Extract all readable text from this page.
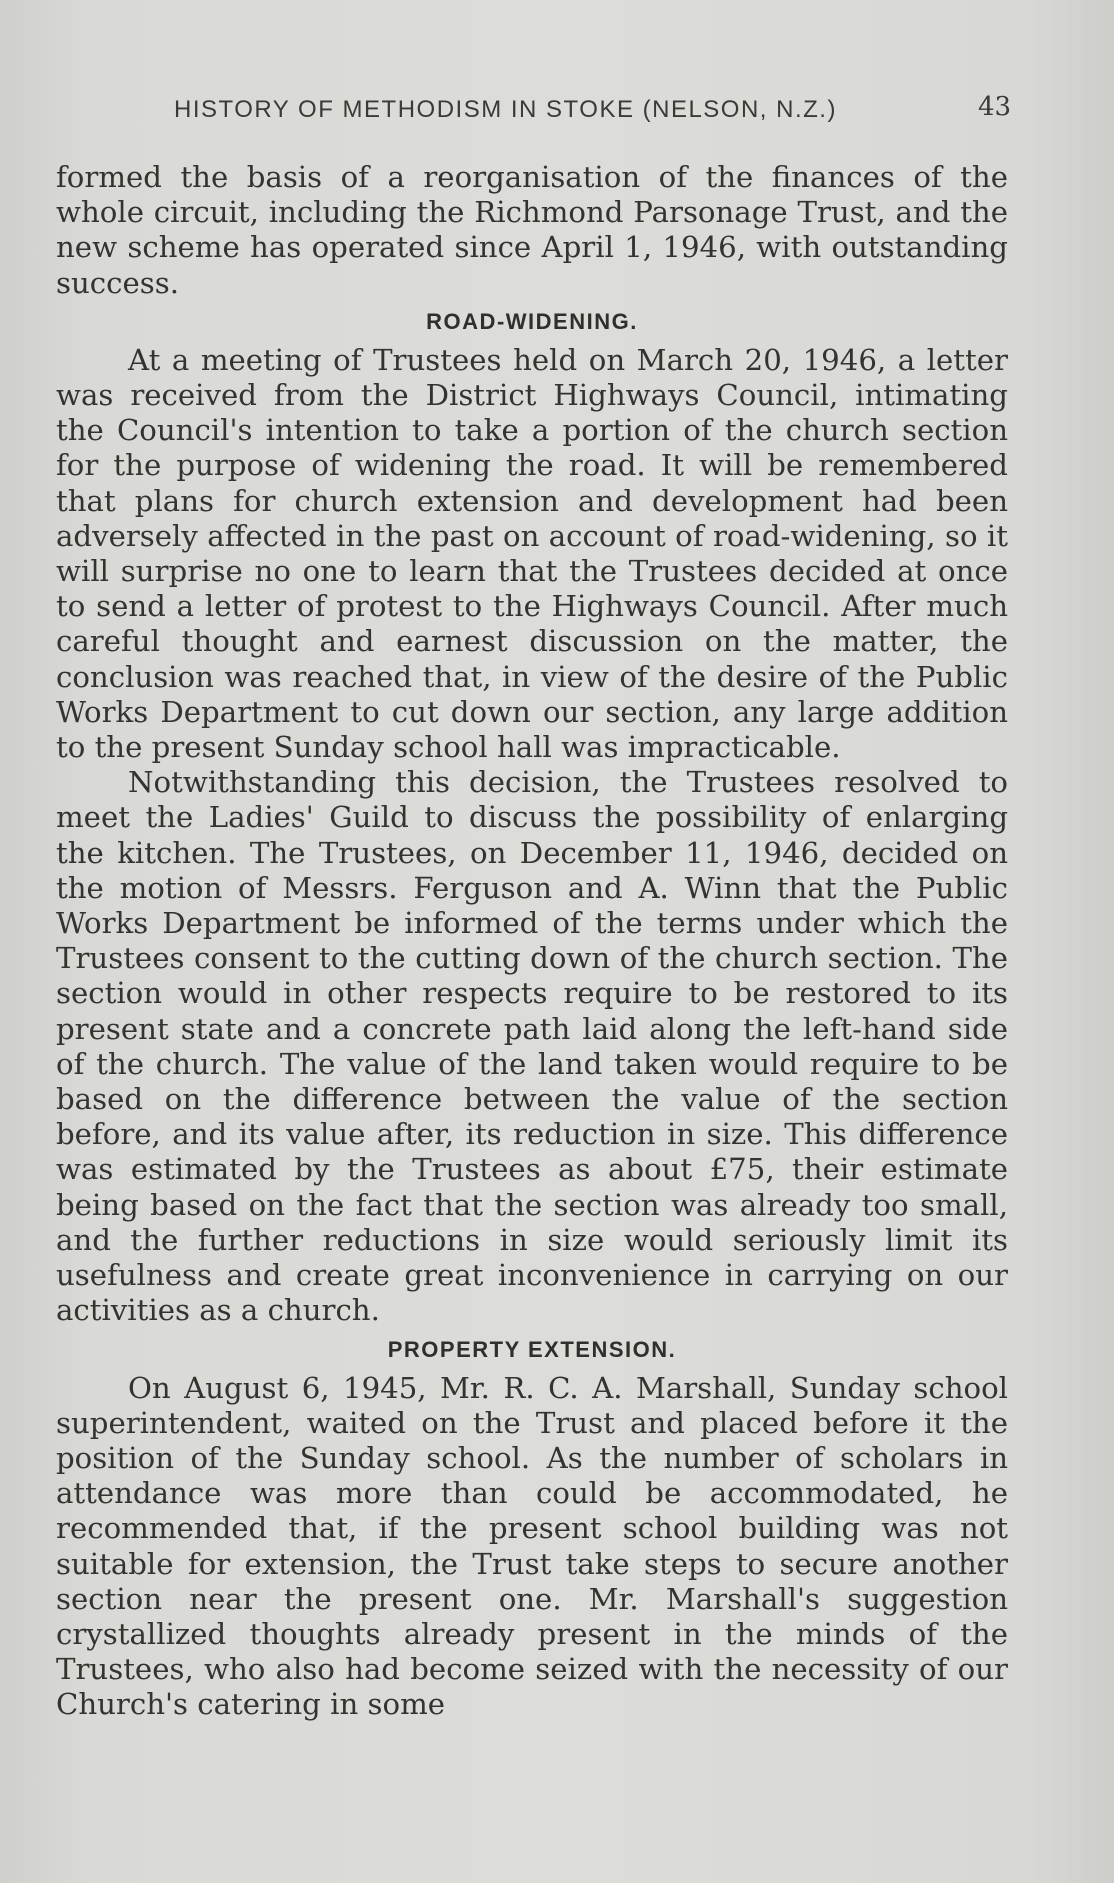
HISTORY OF METHODISM IN STOKE (NELSON, N.Z.)	43

formed the basis of a reorganisation of the finances of the whole circuit, including the Richmond Parsonage Trust, and the new scheme has operated since April 1, 1946, with outstanding success.

ROAD-WIDENING.

At a meeting of Trustees held on March 20, 1946, a letter was received from the District Highways Council, intimating the Council's intention to take a portion of the church section for the purpose of widening the road. It will be remembered that plans for church extension and development had been adversely affected in the past on account of road-widening, so it will surprise no one to learn that the Trustees decided at once to send a letter of protest to the Highways Council. After much careful thought and earnest discussion on the matter, the conclusion was reached that, in view of the desire of the Public Works Department to cut down our section, any large addition to the present Sunday school hall was impracticable.

Notwithstanding this decision, the Trustees resolved to meet the Ladies' Guild to discuss the possibility of enlarging the kitchen. The Trustees, on December 11, 1946, decided on the motion of Messrs. Ferguson and A. Winn that the Public Works Department be informed of the terms under which the Trustees consent to the cutting down of the church section. The section would in other respects require to be restored to its present state and a concrete path laid along the left-hand side of the church. The value of the land taken would require to be based on the difference between the value of the section before, and its value after, its reduction in size. This difference was estimated by the Trustees as about £75, their estimate being based on the fact that the section was already too small, and the further reductions in size would seriously limit its usefulness and create great inconvenience in carrying on our activities as a church.

PROPERTY EXTENSION.

On August 6, 1945, Mr. R. C. A. Marshall, Sunday school superintendent, waited on the Trust and placed before it the position of the Sunday school. As the number of scholars in attendance was more than could be accommodated, he recommended that, if the present school building was not suitable for extension, the Trust take steps to secure another section near the present one. Mr. Marshall's suggestion crystallized thoughts already present in the minds of the Trustees, who also had become seized with the necessity of our Church's catering in some
